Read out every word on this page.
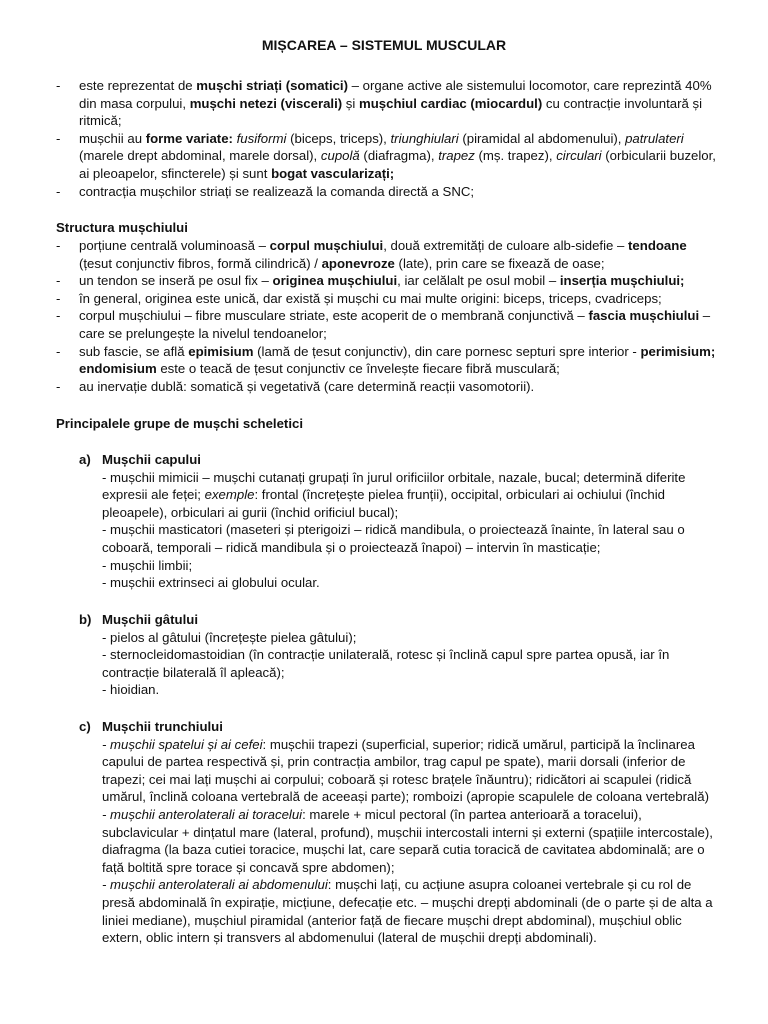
MIȘCAREA – SISTEMUL MUSCULAR
- este reprezentat de mușchi striați (somatici) – organe active ale sistemului locomotor, care reprezintă 40% din masa corpului, mușchi netezi (viscerali) și mușchiul cardiac (miocardul) cu contracție involuntară și ritmică;
- mușchii au forme variate: fusiformi (biceps, triceps), triunghiulari (piramidal al abdomenului), patrulateri (marele drept abdominal, marele dorsal), cupolă (diafragma), trapez (mș. trapez), circulari (orbicularii buzelor, ai pleoapelor, sfincterele) și sunt bogat vascularizați;
- contracția mușchilor striați se realizează la comanda directă a SNC;
Structura mușchiului
- porțiune centrală voluminoasă – corpul mușchiului, două extremități de culoare alb-sidefie – tendoane (țesut conjunctiv fibros, formă cilindrică) / aponevroze (late), prin care se fixează de oase;
- un tendon se inseră pe osul fix – originea mușchiului, iar celălalt pe osul mobil – inserția mușchiului;
- în general, originea este unică, dar există și mușchi cu mai multe origini: biceps, triceps, cvadriceps;
- corpul mușchiului – fibre musculare striate, este acoperit de o membrană conjunctivă – fascia mușchiului – care se prelungește la nivelul tendoanelor;
- sub fascie, se află epimisium (lamă de țesut conjunctiv), din care pornesc septuri spre interior - perimisium; endomisium este o teacă de țesut conjunctiv ce învelește fiecare fibră musculară;
- au inervație dublă: somatică și vegetativă (care determină reacții vasomotorii).
Principalele grupe de mușchi scheletici
a) Mușchii capului
- mușchii mimicii – mușchi cutanați grupați în jurul orificiilor orbitale, nazale, bucal; determină diferite expresii ale feței; exemple: frontal (încrețește pielea frunții), occipital, orbiculari ai ochiului (închid pleoapele), orbiculari ai gurii (închid orificiul bucal);
- mușchii masticatori (maseteri și pterigoizi – ridică mandibula, o proiectează înainte, în lateral sau o coboară, temporali – ridică mandibula și o proiectează înapoi) – intervin în masticație;
- mușchii limbii;
- mușchii extrinseci ai globului ocular.
b) Mușchii gâtului
- pielos al gâtului (încrețește pielea gâtului);
- sternocleidomastoidian (în contracție unilaterală, rotesc și înclină capul spre partea opusă, iar în contracție bilaterală îl apleacă);
- hioidian.
c) Mușchii trunchiului
- mușchii spatelui și ai cefei: mușchii trapezi (superficial, superior; ridică umărul, participă la înclinarea capului de partea respectivă și, prin contracția ambilor, trag capul pe spate), marii dorsali (inferior de trapezi; cei mai lați mușchi ai corpului; coboară și rotesc brațele înăuntru); ridicători ai scapulei (ridică umărul, înclină coloana vertebrală de aceeași parte); romboizi (apropie scapulele de coloana vertebrală)
- mușchii anterolaterali ai toracelui: marele + micul pectoral (în partea anterioară a toracelui), subclavicular + dințatul mare (lateral, profund), mușchii intercostali interni și externi (spațiile intercostale), diafragma (la baza cutiei toracice, mușchi lat, care separă cutia toracică de cavitatea abdominală; are o față boltită spre torace și concavă spre abdomen);
- mușchii anterolaterali ai abdomenului: mușchi lați, cu acțiune asupra coloanei vertebrale și cu rol de presă abdominală în expirație, micțiune, defecație etc. – mușchi drepți abdominali (de o parte și de alta a liniei mediane), mușchiul piramidal (anterior față de fiecare mușchi drept abdominal), mușchiul oblic extern, oblic intern și transvers al abdomenului (lateral de mușchii drepți abdominali).
